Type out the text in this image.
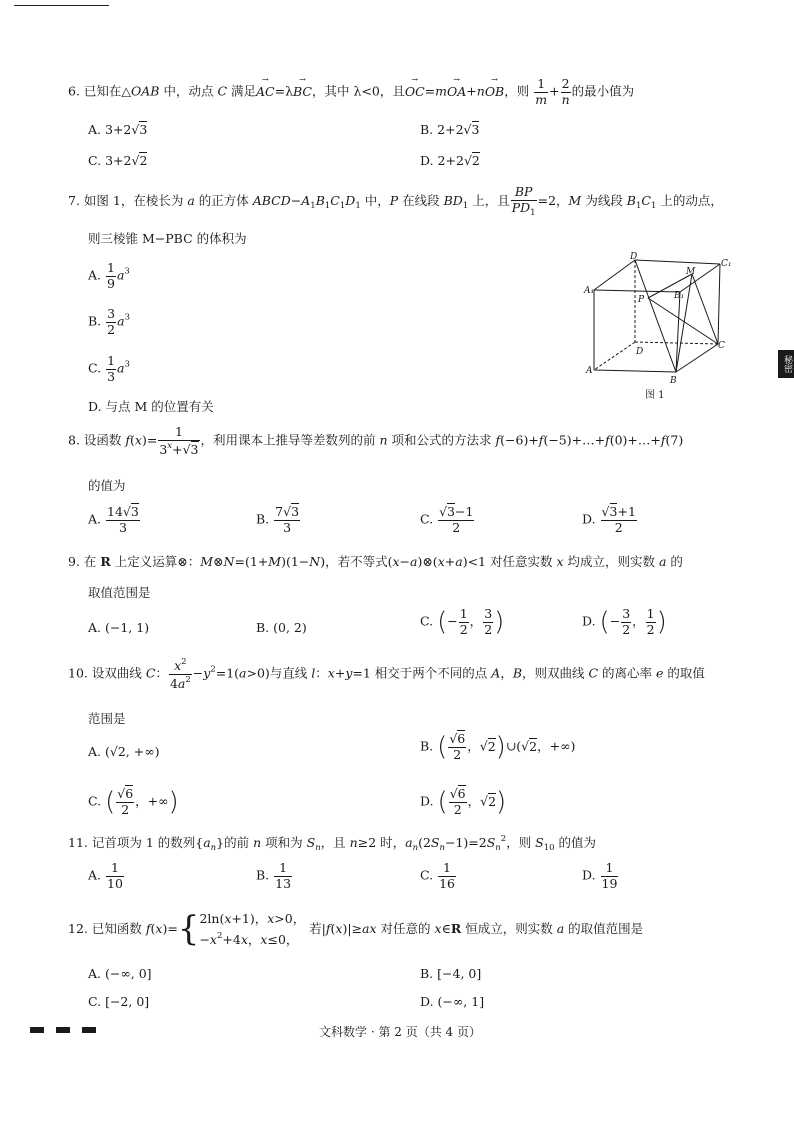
秘密
6. 已知在△OAB 中，动点 C 满足→ AC=λ→ BC，其中 λ<0，且→ OC=m→ OA+n→ OB，则 $\frac{1}{m} + \frac{2}{n}$ 的最小值为
A. 3+2√3	B. 2+2√3
C. 3+2√2	D. 2+2√2
7. 如图 1，在棱长为 a 的正方体 $ABCD-A_1B_1C_1D_1$ 中，P 在线段 $BD_1$ 上，且 $\frac{BP}{PD_1} =2$，M 为线段 $B_1C_1$ 上的动点，
则三棱锥 M−PBC 的体积为
A. $\frac{1}{9} a^3$
B. $\frac{3}{2} a^3$
C. $\frac{1}{3} a^3$
D. 与点 M 的位置有关
D
C₁
A₁
P	B₁
M
D
C
A
B
图 1
8. 设函数 $f(x)= \frac{1}{3^x+√3}$ ，利用课本上推导等差数列的前 n 项和公式的方法求 f(−6)+f(−5)+…+f(0)+…+f(7)
的值为
A. $\frac{14√3}{3}$	B. $\frac{7√3}{3}$	C. $\frac{√3-1}{2}$	D. $\frac{√3+1}{2}$
9. 在 R 上定义运算⊗：M⊗N=(1+M)(1−N)，若不等式(x−a)⊗(x+a)<1 对任意实数 x 均成立，则实数 a 的
取值范围是
A. (−1, 1)	B. (0, 2)	C. (− $\frac{1}{2}$ ， $\frac{3}{2}$ )	D. (− $\frac{3}{2}$ ， $\frac{1}{2}$ )
10. 设双曲线 C： $\frac{x^2}{4a^2} -y^2=1(a>0)$与直线 l：x+y=1 相交于两个不同的点 A，B，则双曲线 C 的离心率 e 的取值
范围是
A. (√2, +∞)	B. ( $\frac{√6}{2}$ ，√2)∪(√2，+∞)
C. ( $\frac{√6}{2}$ ，+∞)	D. ( $\frac{√6}{2}$ ，√2)
11. 记首项为 1 的数列$\{a_n\}$的前 n 项和为 $S_n$，且 n≥2 时，$a_n(2S_n-1)=2S_n^2$，则 $S_{10}$ 的值为
A. $\frac{1}{10}$	B. $\frac{1}{13}$	C. $\frac{1}{16}$	D. $\frac{1}{19}$
12. 已知函数 f(x)={2ln(x+1)，x>0，
$-x^2+4x$，x≤0， 若|f(x)|≥ax 对任意的 x∈R 恒成立，则实数 a 的取值范围是
A. (−∞, 0]	B. [−4, 0]
C. [−2, 0]	D. (−∞, 1]
文科数学 · 第 2 页（共 4 页）
